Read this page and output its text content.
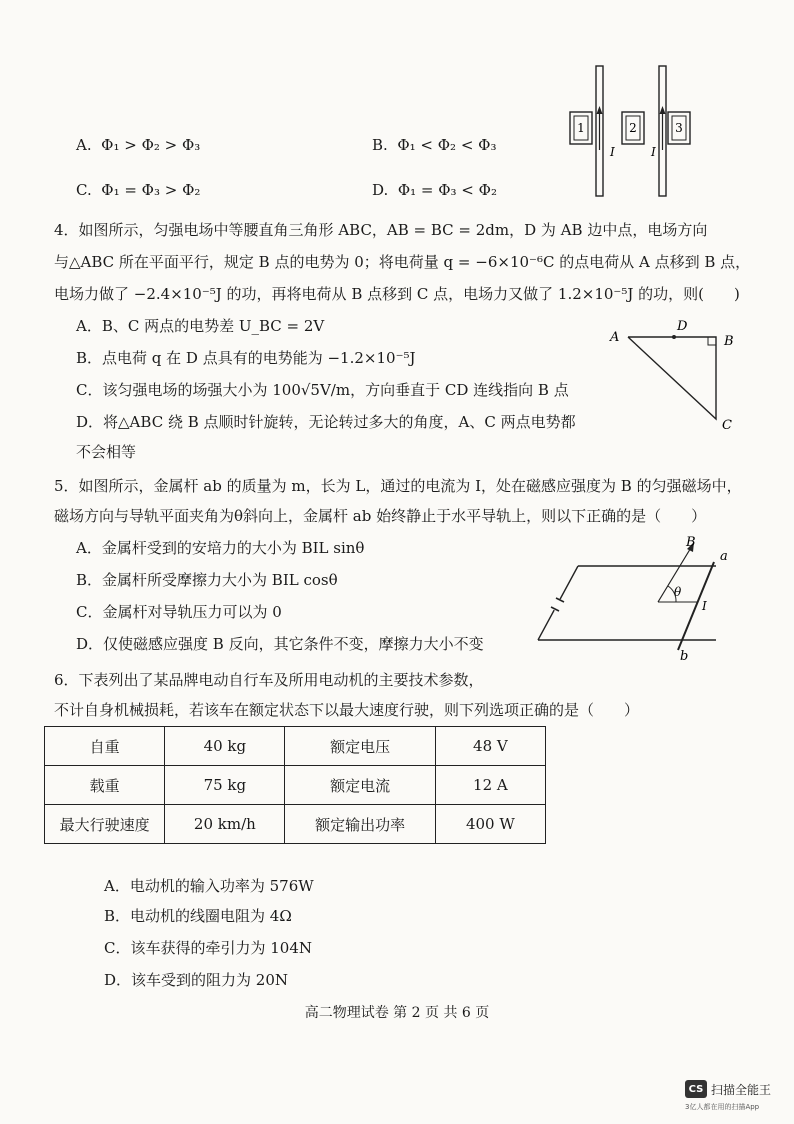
A. Φ₁ > Φ₂ > Φ₃	B. Φ₁ < Φ₂ < Φ₃
C. Φ₁ = Φ₃ > Φ₂	D. Φ₁ = Φ₃ < Φ₂
1	2	3
I	I
4．如图所示，匀强电场中等腰直角三角形 ABC，AB = BC = 2dm，D 为 AB 边中点，电场方向
与△ABC 所在平面平行，规定 B 点的电势为 0；将电荷量 q = −6×10⁻⁶C 的点电荷从 A 点移到 B 点，
电场力做了 −2.4×10⁻⁵J 的功，再将电荷从 B 点移到 C 点，电场力又做了 1.2×10⁻⁵J 的功，则(　　)
A．B、C 两点的电势差 U_BC = 2V
B．点电荷 q 在 D 点具有的电势能为 −1.2×10⁻⁵J
C．该匀强电场的场强大小为 100√5V/m，方向垂直于 CD 连线指向 B 点
D．将△ABC 绕 B 点顺时针旋转，无论转过多大的角度，A、C 两点电势都
不会相等
A
D
B
C
5．如图所示，金属杆 ab 的质量为 m，长为 L，通过的电流为 I，处在磁感应强度为 B 的匀强磁场中，
磁场方向与导轨平面夹角为θ斜向上，金属杆 ab 始终静止于水平导轨上，则以下正确的是（　　）
A．金属杆受到的安培力的大小为 BIL sinθ
B．金属杆所受摩擦力大小为 BIL cosθ
C．金属杆对导轨压力可以为 0
D．仅使磁感应强度 B 反向，其它条件不变，摩擦力大小不变
B
a
b
θ
I
6．下表列出了某品牌电动自行车及所用电动机的主要技术参数，
不计自身机械损耗，若该车在额定状态下以最大速度行驶，则下列选项正确的是（　　）
自重	40 kg	额定电压	48 V
载重	75 kg	额定电流	12 A
最大行驶速度	20 km/h	额定输出功率	400 W
A．电动机的输入功率为 576W
B．电动机的线圈电阻为 4Ω
C．该车获得的牵引力为 104N
D．该车受到的阻力为 20N
高二物理试卷 第 2 页 共 6 页
CS 扫描全能王
3亿人都在用的扫描App
